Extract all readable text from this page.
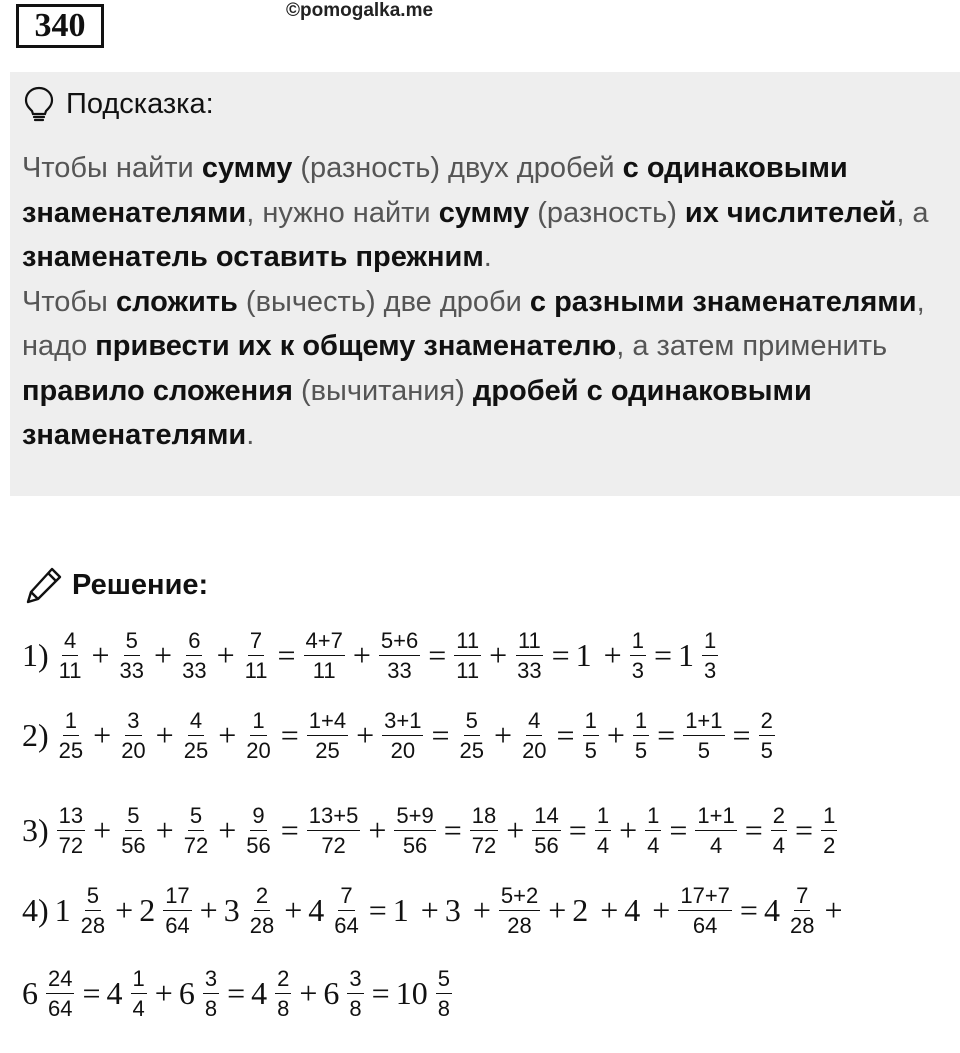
340	©pomogalka.me
Подсказка:
Чтобы найти сумму (разность) двух дробей с одинаковыми знаменателями, нужно найти сумму (разность) их числителей, а знаменатель оставить прежним.
Чтобы сложить (вычесть) две дроби с разными знаменателями, надо привести их к общему знаменателю, а затем применить правило сложения (вычитания) дробей с одинаковыми знаменателями.
Решение:
$1) \frac{4}{11} + \frac{5}{33} + \frac{6}{33} + \frac{7}{11} = \frac{4+7}{11} + \frac{5+6}{33} = \frac{11}{11} + \frac{11}{33} = 1 + \frac{1}{3} = 1 \frac{1}{3}$
$2) \frac{1}{25} + \frac{3}{20} + \frac{4}{25} + \frac{1}{20} = \frac{1+4}{25} + \frac{3+1}{20} = \frac{5}{25} + \frac{4}{20} = \frac{1}{5} + \frac{1}{5} = \frac{1+1}{5} = \frac{2}{5}$
$3) \frac{13}{72} + \frac{5}{56} + \frac{5}{72} + \frac{9}{56} = \frac{13+5}{72} + \frac{5+9}{56} = \frac{18}{72} + \frac{14}{56} = \frac{1}{4} + \frac{1}{4} = \frac{1+1}{4} = \frac{2}{4} = \frac{1}{2}$
4) $1 \frac{5}{28} + 2 \frac{17}{64} + 3 \frac{2}{28} + 4 \frac{7}{64} = 1 + 3 + \frac{5+2}{28} + 2 + 4 + \frac{17+7}{64} = 4 \frac{7}{28}$ +
$6 \frac{24}{64} = 4 \frac{1}{4} + 6 \frac{3}{8} = 4 \frac{2}{8} + 6 \frac{3}{8} = 10 \frac{5}{8}$
